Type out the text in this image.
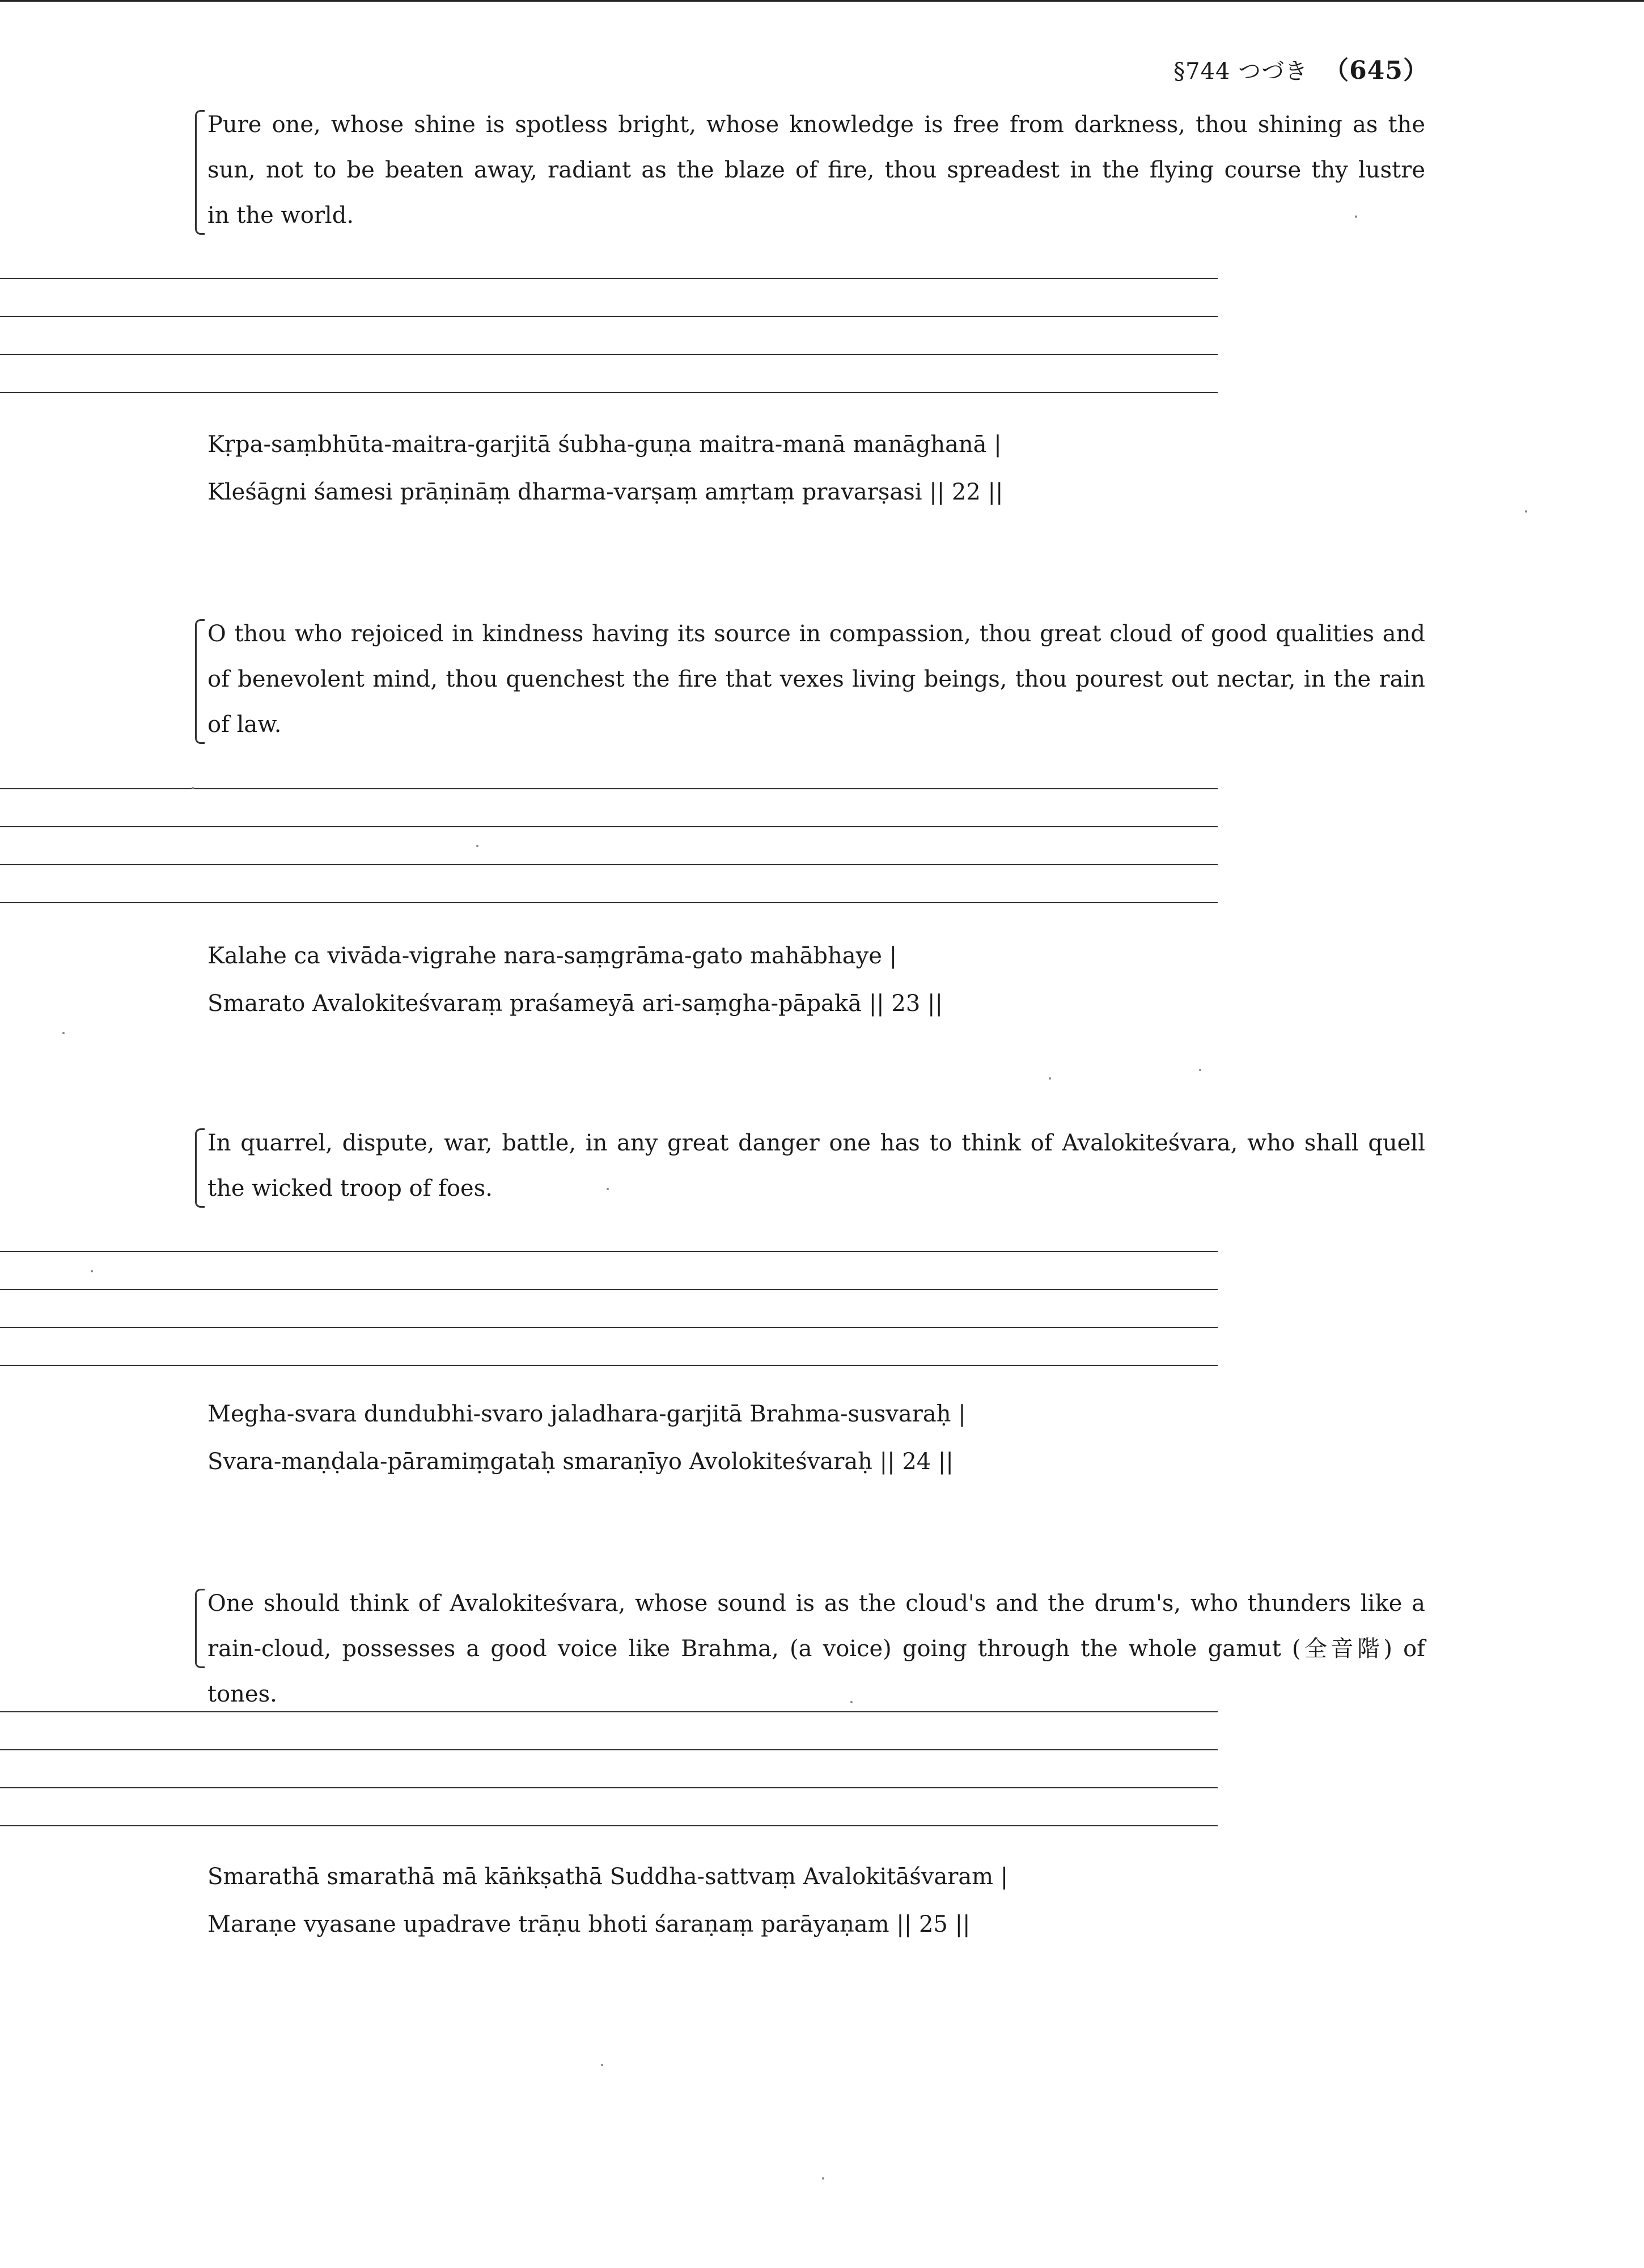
§744 つづき （645）
Pure one, whose shine is spotless bright, whose knowledge is free from darkness, thou shining as the
sun, not to be beaten away, radiant as the blaze of fire, thou spreadest in the flying course thy lustre
in the world.
Kṛpa-saṃbhūta-maitra-garjitā śubha-guṇa maitra-manā manāghanā |
Kleśāgni śamesi prāṇināṃ dharma-varṣaṃ amṛtaṃ pravarṣasi || 22 ||
O thou who rejoiced in kindness having its source in compassion, thou great cloud of good qualities and
of benevolent mind, thou quenchest the fire that vexes living beings, thou pourest out nectar, in the rain
of law.
Kalahe ca vivāda-vigrahe nara-saṃgrāma-gato mahābhaye |
Smarato Avalokiteśvaraṃ praśameyā ari-saṃgha-pāpakā || 23 ||
In quarrel, dispute, war, battle, in any great danger one has to think of Avalokiteśvara, who shall quell
the wicked troop of foes.
Megha-svara dundubhi-svaro jaladhara-garjitā Brahma-susvaraḥ |
Svara-maṇḍala-pāramiṃgataḥ smaraṇīyo Avolokiteśvaraḥ || 24 ||
One should think of Avalokiteśvara, whose sound is as the cloud's and the drum's, who thunders like a
rain-cloud, possesses a good voice like Brahma, (a voice) going through the whole gamut (全音階) of tones.
Smarathā smarathā mā kāṅkṣathā Suddha-sattvaṃ Avalokitāśvaram |
Maraṇe vyasane upadrave trāṇu bhoti śaraṇaṃ parāyaṇam || 25 ||
